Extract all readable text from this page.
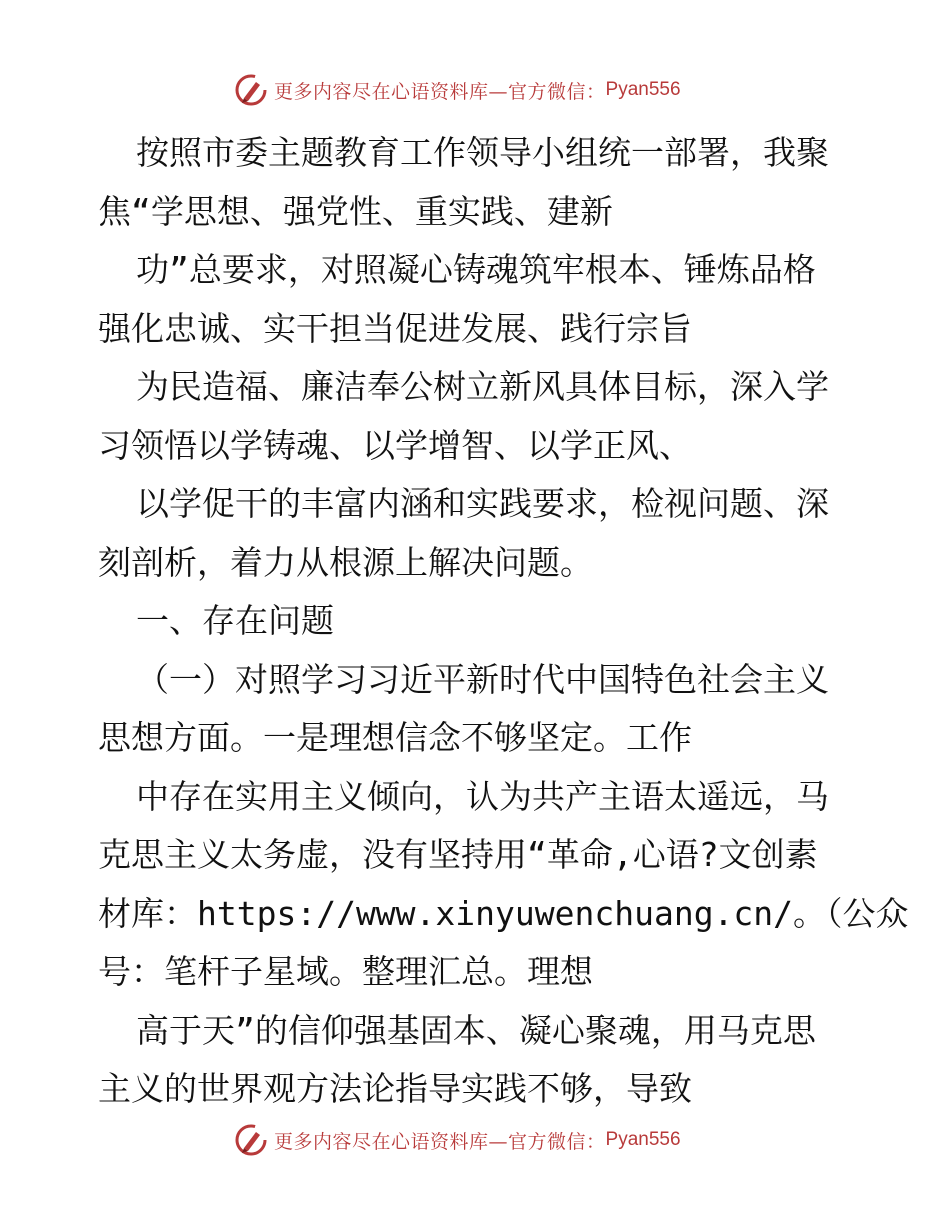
更多内容尽在心语资料库—官方微信： Pyan556
按照市委主题教育工作领导小组统一部署，我聚
焦“学思想、强党性、重实践、建新
功”总要求，对照凝心铸魂筑牢根本、锤炼品格
强化忠诚、实干担当促进发展、践行宗旨
为民造福、廉洁奉公树立新风具体目标，深入学
习领悟以学铸魂、以学增智、以学正风、
以学促干的丰富内涵和实践要求，检视问题、深
刻剖析，着力从根源上解决问题。
一、存在问题
（一）对照学习习近平新时代中国特色社会主义
思想方面。一是理想信念不够坚定。工作
中存在实用主义倾向，认为共产主语太遥远，马
克思主义太务虚，没有坚持用“革命,心语?文创素
材库：https://www.xinyuwenchuang.cn/。（公众
号：笔杆子星域。整理汇总。理想
高于天”的信仰强基固本、凝心聚魂，用马克思
主义的世界观方法论指导实践不够，导致
更多内容尽在心语资料库—官方微信： Pyan556
